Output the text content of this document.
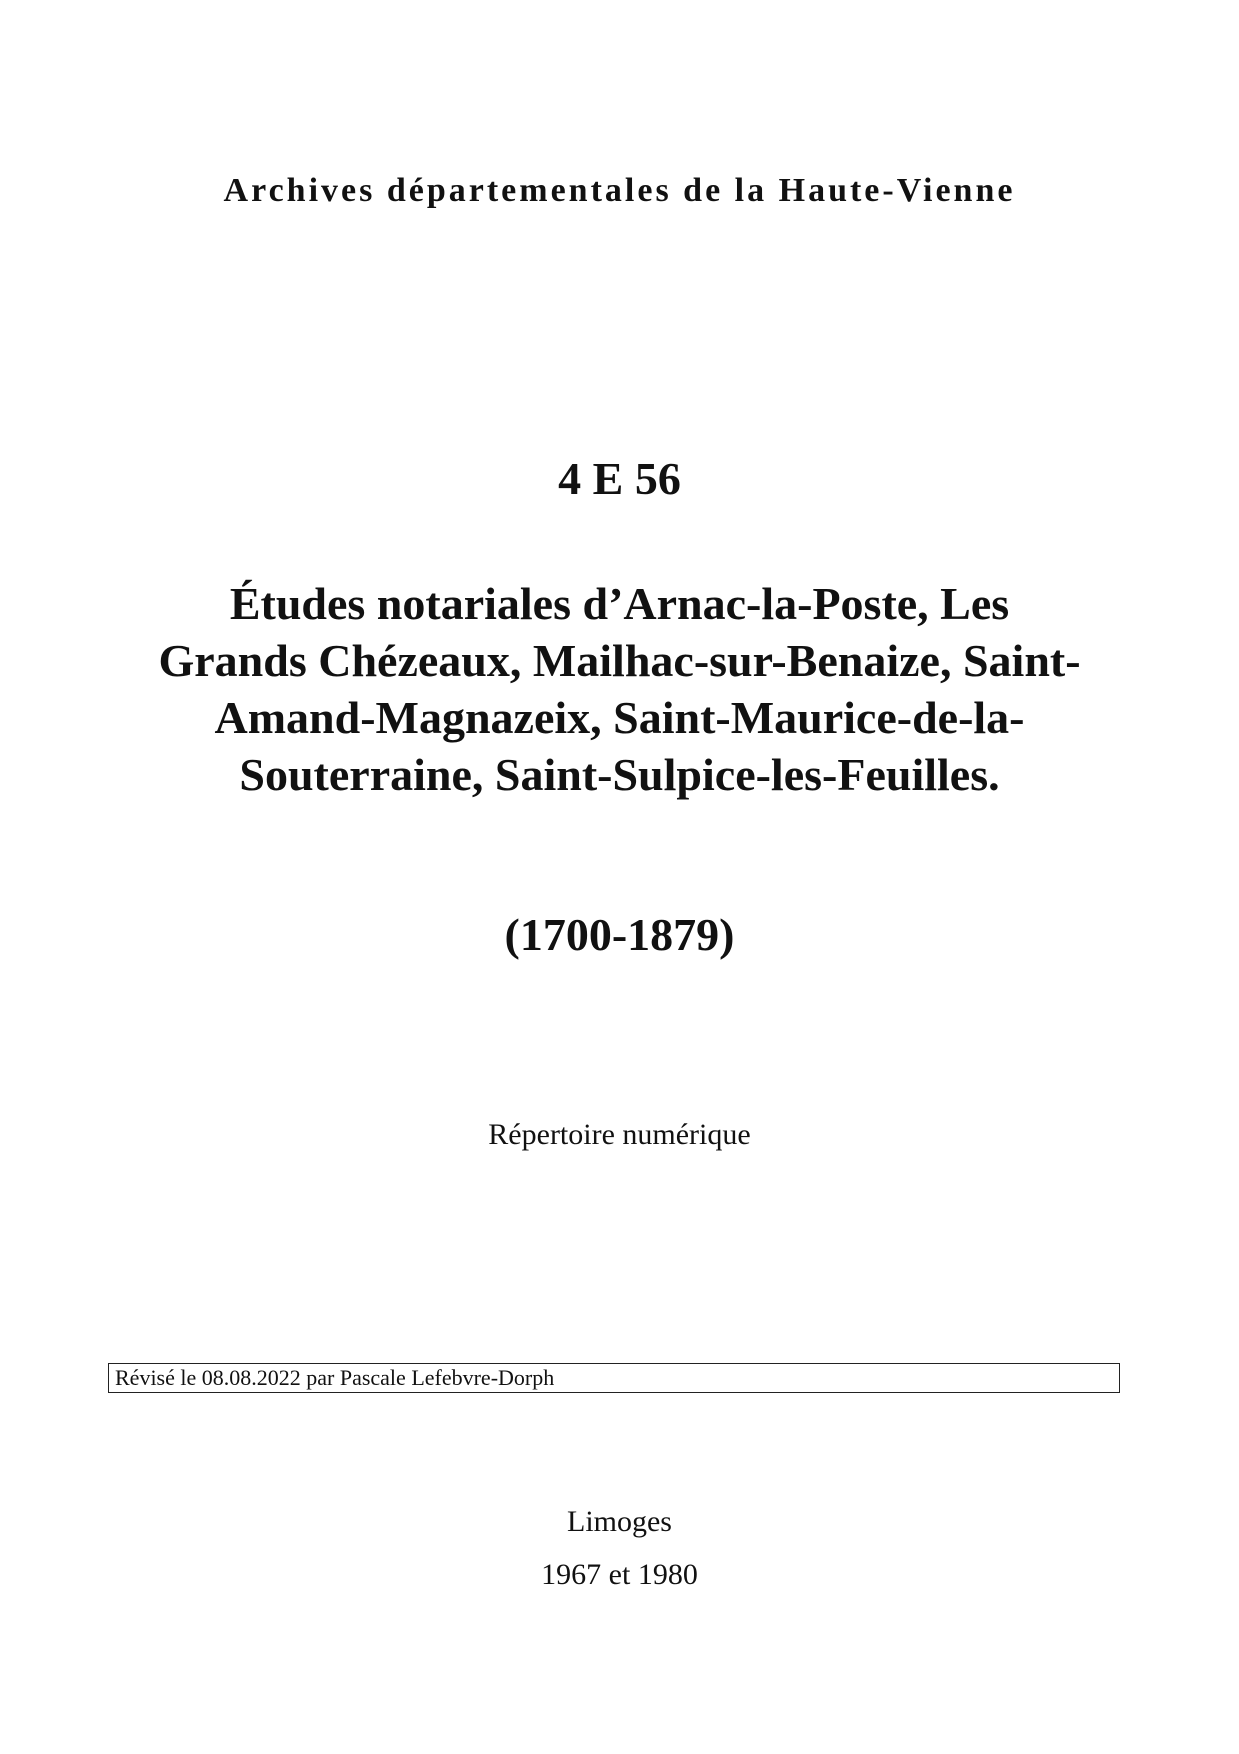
Archives départementales de la Haute-Vienne
4 E 56
Études notariales d’Arnac-la-Poste, Les
Grands Chézeaux, Mailhac-sur-Benaize, Saint-
Amand-Magnazeix, Saint-Maurice-de-la-
Souterraine, Saint-Sulpice-les-Feuilles.
(1700-1879)
Répertoire numérique
Révisé le 08.08.2022 par Pascale Lefebvre-Dorph
Limoges
1967 et 1980
